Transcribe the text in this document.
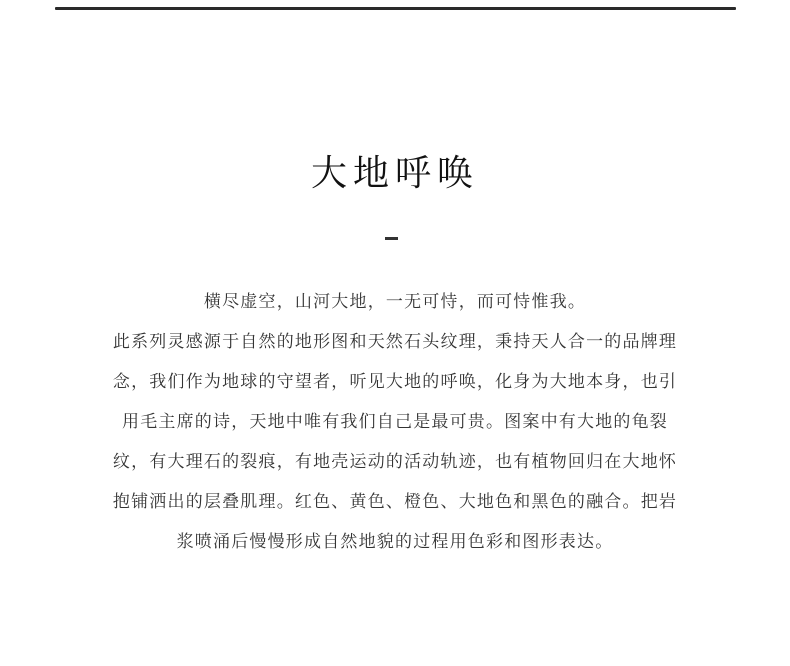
大地呼唤
横尽虚空，山河大地，一无可恃，而可恃惟我。
此系列灵感源于自然的地形图和天然石头纹理，秉持天人合一的品牌理
念，我们作为地球的守望者，听见大地的呼唤，化身为大地本身，也引
用毛主席的诗，天地中唯有我们自己是最可贵。图案中有大地的龟裂
纹，有大理石的裂痕，有地壳运动的活动轨迹，也有植物回归在大地怀
抱铺洒出的层叠肌理。红色、黄色、橙色、大地色和黑色的融合。把岩
浆喷涌后慢慢形成自然地貌的过程用色彩和图形表达。
